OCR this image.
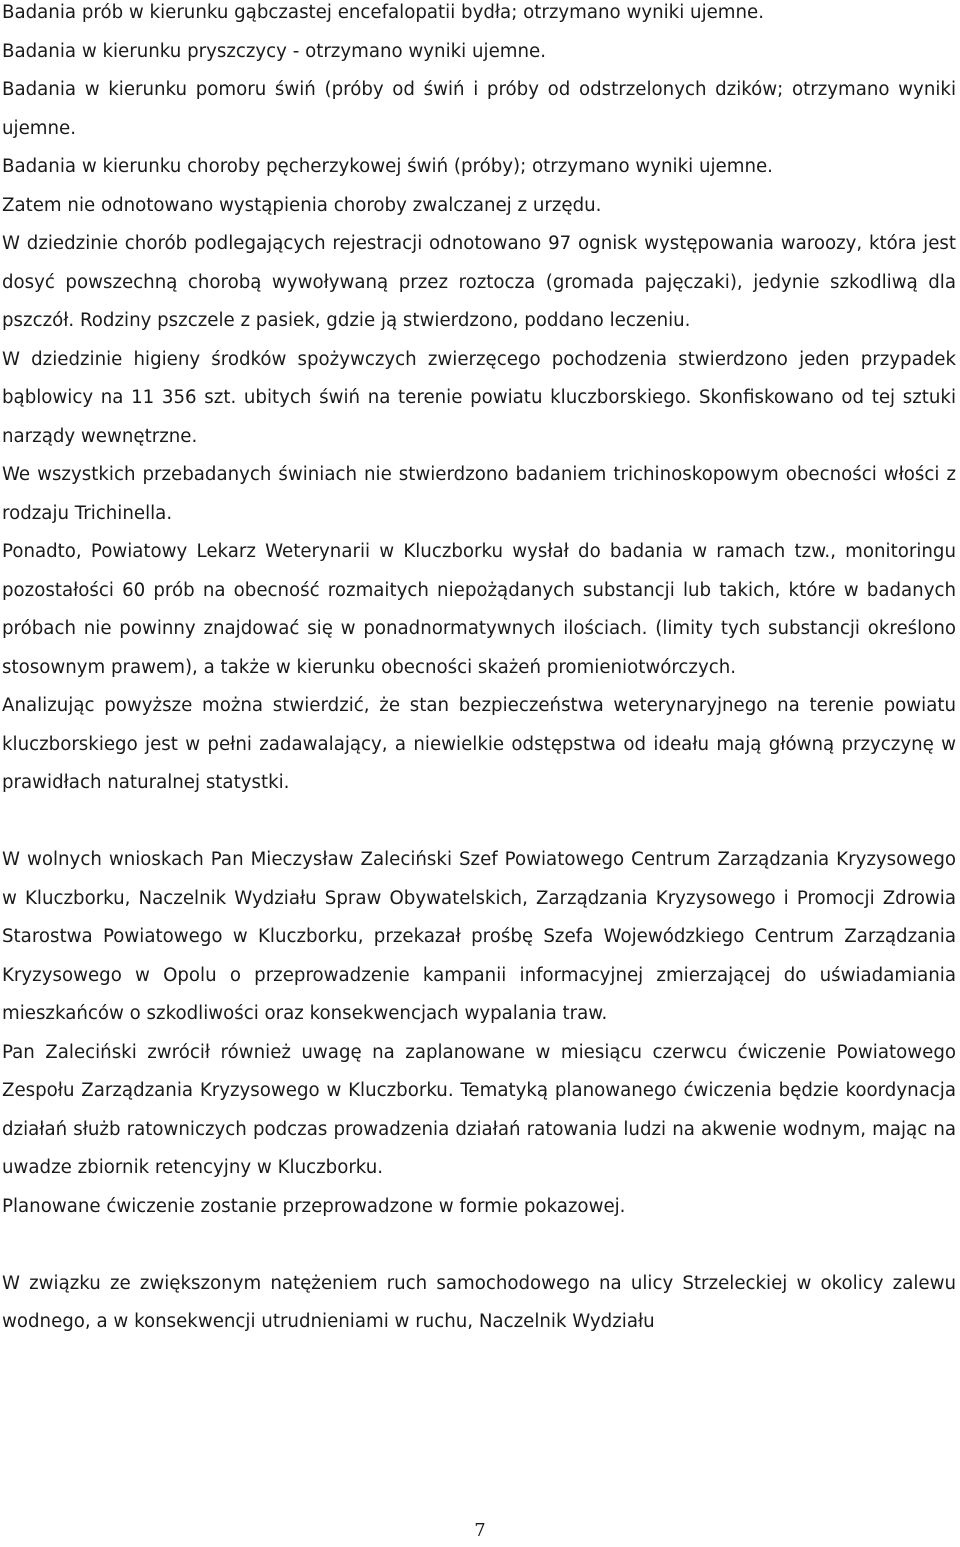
Badania prób w kierunku gąbczastej encefalopatii bydła; otrzymano wyniki ujemne.

Badania w kierunku pryszczycy - otrzymano wyniki ujemne.

Badania w kierunku pomoru świń (próby od świń i próby od odstrzelonych dzików; otrzymano wyniki ujemne.

Badania w kierunku choroby pęcherzykowej świń (próby); otrzymano wyniki ujemne.

Zatem nie odnotowano wystąpienia choroby zwalczanej z urzędu.

W dziedzinie chorób podlegających rejestracji odnotowano 97 ognisk występowania waroozy, która jest dosyć powszechną chorobą wywoływaną przez roztocza (gromada pajęczaki), jedynie szkodliwą dla pszczół. Rodziny pszczele z pasiek, gdzie ją stwierdzono, poddano leczeniu.

W dziedzinie higieny środków spożywczych zwierzęcego pochodzenia stwierdzono jeden przypadek bąblowicy na 11 356 szt. ubitych świń na terenie powiatu kluczborskiego. Skonfiskowano od tej sztuki narządy wewnętrzne.

We wszystkich przebadanych świniach nie stwierdzono badaniem trichinoskopowym obecności włości z rodzaju Trichinella.

Ponadto, Powiatowy Lekarz Weterynarii w Kluczborku wysłał do badania w ramach tzw., monitoringu pozostałości 60 prób na obecność rozmaitych niepożądanych substancji lub takich, które w badanych próbach nie powinny znajdować się w ponadnormatywnych ilościach. (limity tych substancji określono stosownym prawem), a także w kierunku obecności skażeń promieniotwórczych.

Analizując powyższe można stwierdzić, że stan bezpieczeństwa weterynaryjnego na terenie powiatu kluczborskiego jest w pełni zadawalający, a niewielkie odstępstwa od ideału mają główną przyczynę w prawidłach naturalnej statystki.

W wolnych wnioskach Pan Mieczysław Zaleciński Szef Powiatowego Centrum Zarządzania Kryzysowego w Kluczborku, Naczelnik Wydziału Spraw Obywatelskich, Zarządzania Kryzysowego i Promocji Zdrowia Starostwa Powiatowego w Kluczborku, przekazał prośbę Szefa Wojewódzkiego Centrum Zarządzania Kryzysowego w Opolu o przeprowadzenie kampanii informacyjnej zmierzającej do uświadamiania mieszkańców o szkodliwości oraz konsekwencjach wypalania traw.

Pan Zaleciński zwrócił również uwagę na zaplanowane w miesiącu czerwcu ćwiczenie Powiatowego Zespołu Zarządzania Kryzysowego w Kluczborku. Tematyką planowanego ćwiczenia będzie koordynacja działań służb ratowniczych podczas prowadzenia działań ratowania ludzi na akwenie wodnym, mając na uwadze zbiornik retencyjny w Kluczborku.

Planowane ćwiczenie zostanie przeprowadzone w formie pokazowej.

W związku ze zwiększonym natężeniem ruch samochodowego na ulicy Strzeleckiej w okolicy zalewu wodnego, a w konsekwencji utrudnieniami w ruchu, Naczelnik Wydziału

7
